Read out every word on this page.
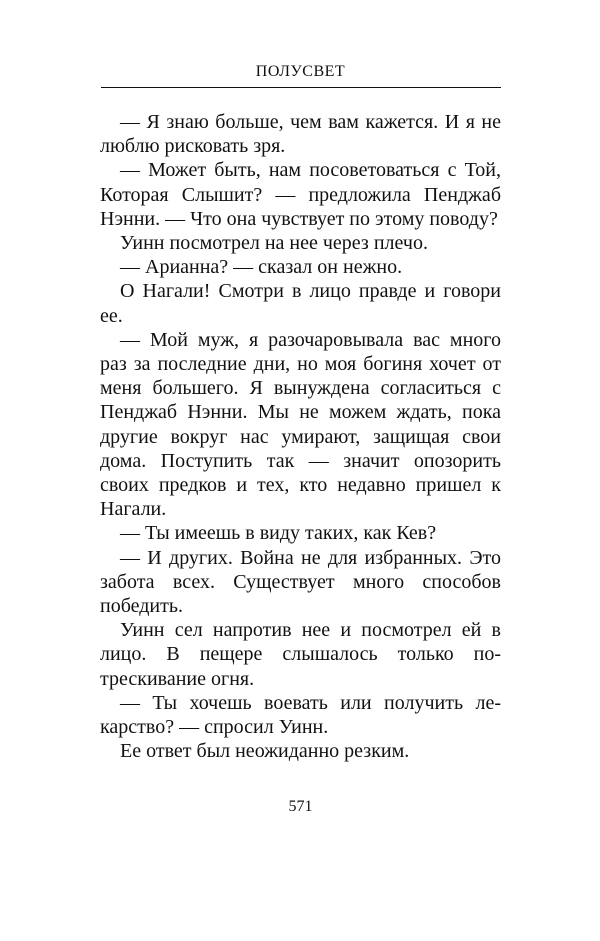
ПОЛУСВЕТ

— Я знаю больше, чем вам кажется. И я не люблю рисковать зря.

— Может быть, нам посоветоваться с Той, Которая Слышит? — предложила Пенджаб Нэнни. — Что она чувствует по этому поводу?

Уинн посмотрел на нее через плечо.

— Арианна? — сказал он нежно.

О Нагали! Смотри в лицо правде и говори ее.

— Мой муж, я разочаровывала вас много раз за последние дни, но моя богиня хочет от меня большего. Я вынуждена согласиться с Пенджаб Нэнни. Мы не можем ждать, пока другие вокруг нас умирают, защищая свои дома. Поступить так — значит опозорить своих предков и тех, кто недавно пришел к Нагали.

— Ты имеешь в виду таких, как Кев?

— И других. Война не для избранных. Это забота всех. Существует много способов победить.

Уинн сел напротив нее и посмотрел ей в лицо. В пещере слышалось только потрескивание огня.

— Ты хочешь воевать или получить лекарство? — спросил Уинн.

Ее ответ был неожиданно резким.

571
